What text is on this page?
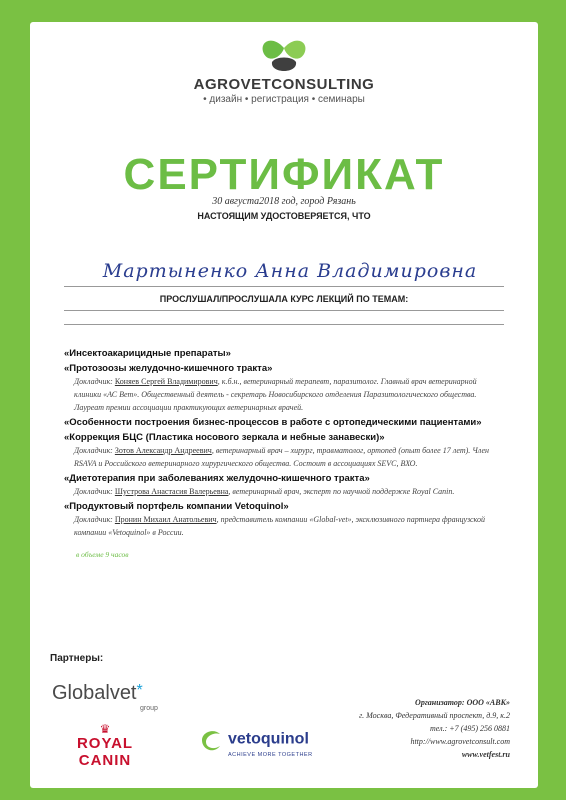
AGROVETCONSULTING
• дизайн • регистрация • семинары
СЕРТИФИКАТ
30 августа2018 год, город Рязань
НАСТОЯЩИМ УДОСТОВЕРЯЕТСЯ, ЧТО
Мартыненко Анна Владимировна
ПРОСЛУШАЛ/ПРОСЛУШАЛА КУРС ЛЕКЦИЙ ПО ТЕМАМ:
«Инсектоакарицидные препараты»
«Протозоозы желудочно-кишечного тракта»
Докладчик: Коняев Сергей Владимирович, к.б.н., ветеринарный терапевт, паразитолог. Главный врач ветеринарной клиники «АС Вет». Общественный деятель - секретарь Новосибирского отделения Паразитологического общества. Лауреат премии ассоциации практикующих ветеринарных врачей.
«Особенности построения бизнес-процессов в работе с ортопедическими пациентами»
«Коррекция БЦС (Пластика носового зеркала и небные занавески)»
Докладчик: Зотов Александр Андреевич, ветеринарный врач – хирург, травматолог, ортопед (опыт более 17 лет). Член RSAVA и Российского ветеринарного хирургического общества. Состоит в ассоциациях SEVC, ВХО.
«Диетотерапия при заболеваниях желудочно-кишечного тракта»
Докладчик: Шустрова Анастасия Валерьевна, ветеринарный врач, эксперт по научной поддержке Royal Canin.
«Продуктовый портфель компании Vetoquinol»
Докладчик: Пронин Михаил Анатольевич, представитель компании «Global-vet», эксклюзивного партнера французской компании «Vetoquinol» в России.
в объеме 9 часов
Партнеры:
Globalvet*
group
♛
ROYAL CANIN
vetoquinol
ACHIEVE MORE TOGETHER
Организатор: ООО «АВК»
г. Москва, Федеративный проспект, д.9, к.2
тел.: +7 (495) 256 0881
http://www.agrovetconsult.com
www.vetfest.ru
